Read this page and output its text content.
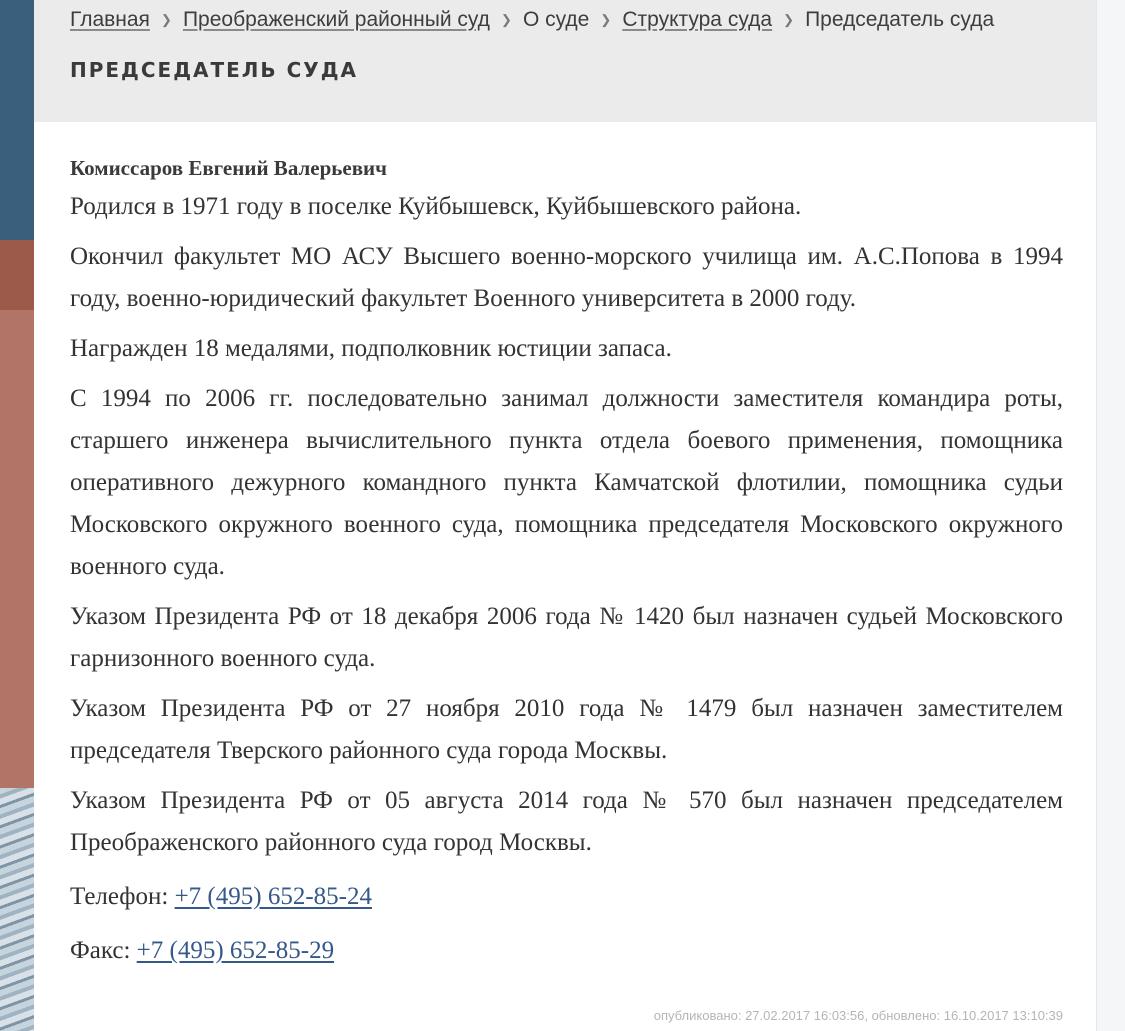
Главная ❯ Преображенский районный суд ❯ О суде ❯ Структура суда ❯ Председатель суда
ПРЕДСЕДАТЕЛЬ СУДА
Комиссаров Евгений Валерьевич

Родился в 1971 году в поселке Куйбышевск, Куйбышевского района.

Окончил факультет МО АСУ Высшего военно-морского училища им. А.С.Попова в 1994 году, военно-юридический факультет Военного университета в 2000 году.

Награжден 18 медалями, подполковник юстиции запаса.

С 1994 по 2006 гг. последовательно занимал должности заместителя командира роты, старшего инженера вычислительного пункта отдела боевого применения, помощника оперативного дежурного командного пункта Камчатской флотилии, помощника судьи Московского окружного военного суда, помощника председателя Московского окружного военного суда.

Указом Президента РФ от 18 декабря 2006 года № 1420 был назначен судьей Московского гарнизонного военного суда.

Указом Президента РФ от 27 ноября 2010 года № 1479 был назначен заместителем председателя Тверского районного суда города Москвы.

Указом Президента РФ от 05 августа 2014 года № 570 был назначен председателем Преображенского районного суда город Москвы.

Телефон: +7 (495) 652-85-24
Факс: +7 (495) 652-85-29
опубликовано: 27.02.2017 16:03:56, обновлено: 16.10.2017 13:10:39
